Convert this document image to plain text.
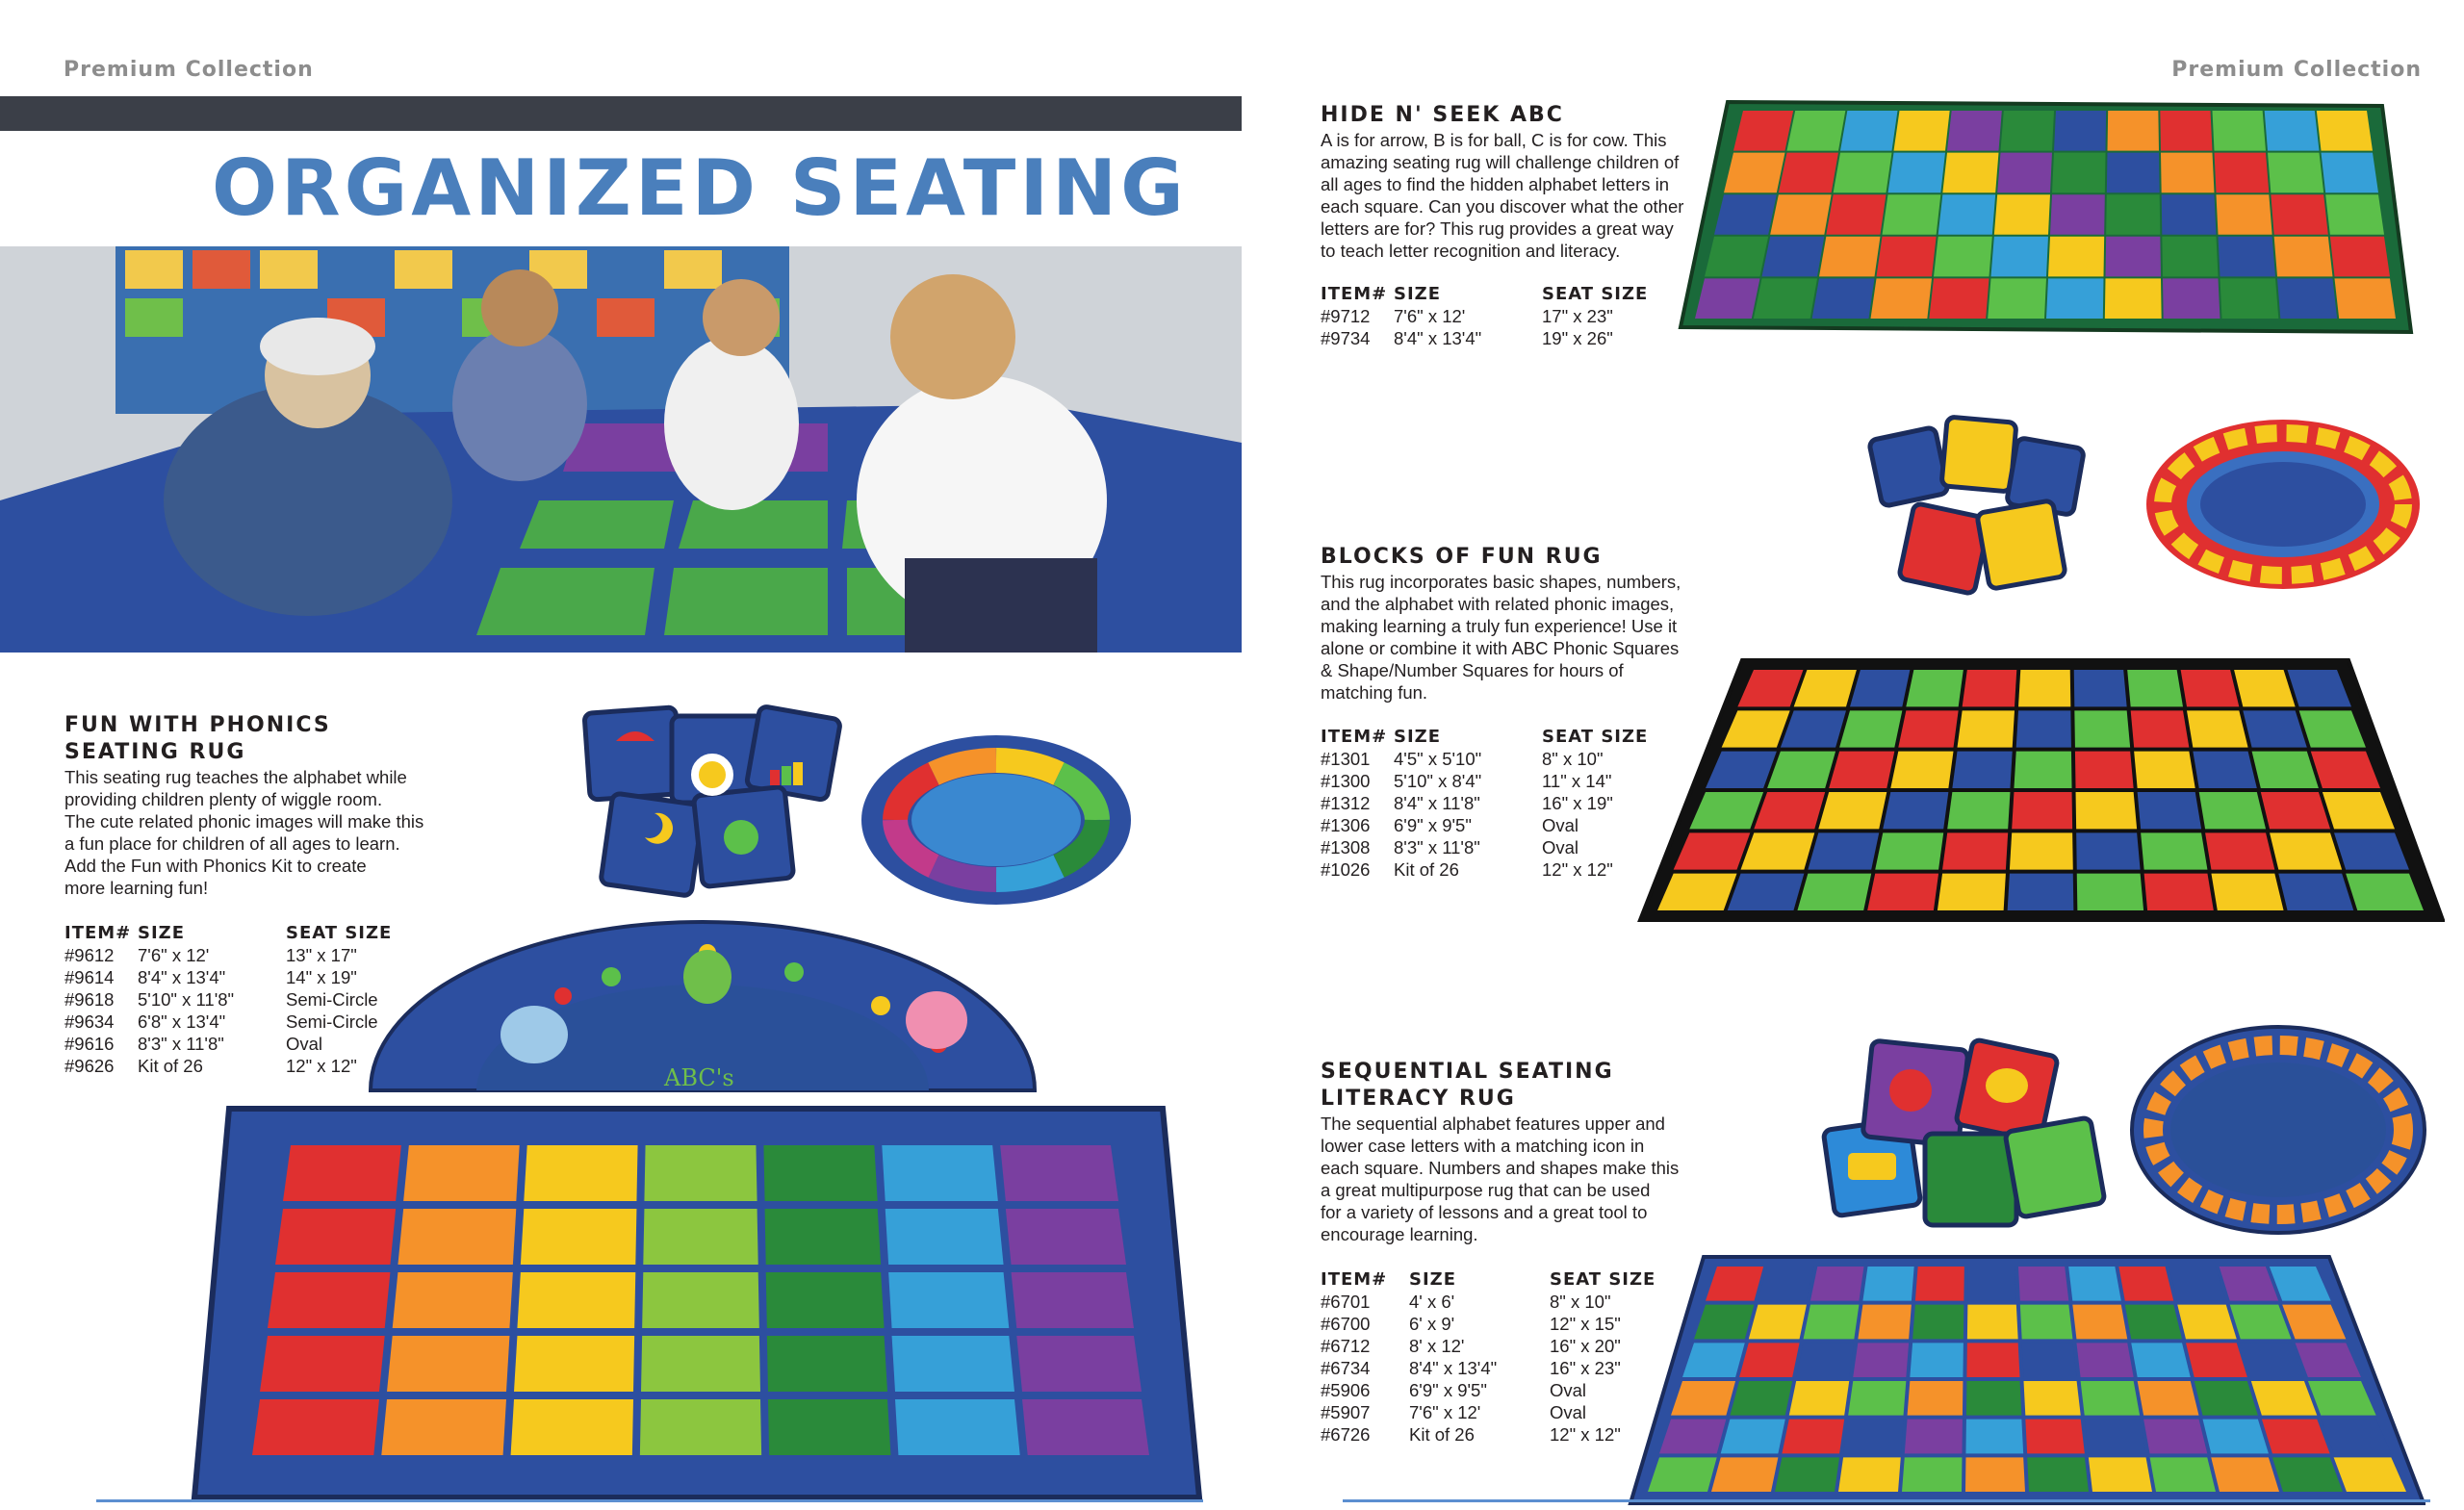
Premium Collection	Premium Collection
ORGANIZED SEATING
FUN WITH PHONICS
SEATING RUG
This seating rug teaches the alphabet while
providing children plenty of wiggle room.
The cute related phonic images will make this
a fun place for children of all ages to learn.
Add the Fun with Phonics Kit to create
more learning fun!
ITEM# SIZE	SEAT SIZE
#9612 7'6" x 12'	13" x 17"
#9614 8'4" x 13'4"	14" x 19"
#9618 5'10" x 11'8"	Semi-Circle
#9634 6'8" x 13'4"	Semi-Circle
#9616 8'3" x 11'8"	Oval
#9626 Kit of 26	12" x 12"	ABC's
HIDE N' SEEK ABC
A is for arrow, B is for ball, C is for cow. This
amazing seating rug will challenge children of
all ages to find the hidden alphabet letters in
each square. Can you discover what the other
letters are for? This rug provides a great way
to teach letter recognition and literacy.
ITEM# SIZE	SEAT SIZE
#9712 7'6" x 12'	17" x 23"
#9734 8'4" x 13'4"	19" x 26"
BLOCKS OF FUN RUG
This rug incorporates basic shapes, numbers,
and the alphabet with related phonic images,
making learning a truly fun experience! Use it
alone or combine it with ABC Phonic Squares
& Shape/Number Squares for hours of
matching fun.
ITEM# SIZE	SEAT SIZE
#1301 4'5" x 5'10"	8" x 10"
#1300 5'10" x 8'4"	11" x 14"
#1312 8'4" x 11'8"	16" x 19"
#1306 6'9" x 9'5"	Oval
#1308 8'3" x 11'8"	Oval
#1026 Kit of 26	12" x 12"
SEQUENTIAL SEATING
LITERACY RUG
The sequential alphabet features upper and
lower case letters with a matching icon in
each square. Numbers and shapes make this
a great multipurpose rug that can be used
for a variety of lessons and a great tool to
encourage learning.
ITEM# SIZE	SEAT SIZE
#6701 4' x 6'	8" x 10"
#6700 6' x 9'	12" x 15"
#6712 8' x 12'	16" x 20"
#6734 8'4" x 13'4"	16" x 23"
#5906 6'9" x 9'5"	Oval
#5907 7'6" x 12'	Oval
#6726 Kit of 26	12" x 12"
